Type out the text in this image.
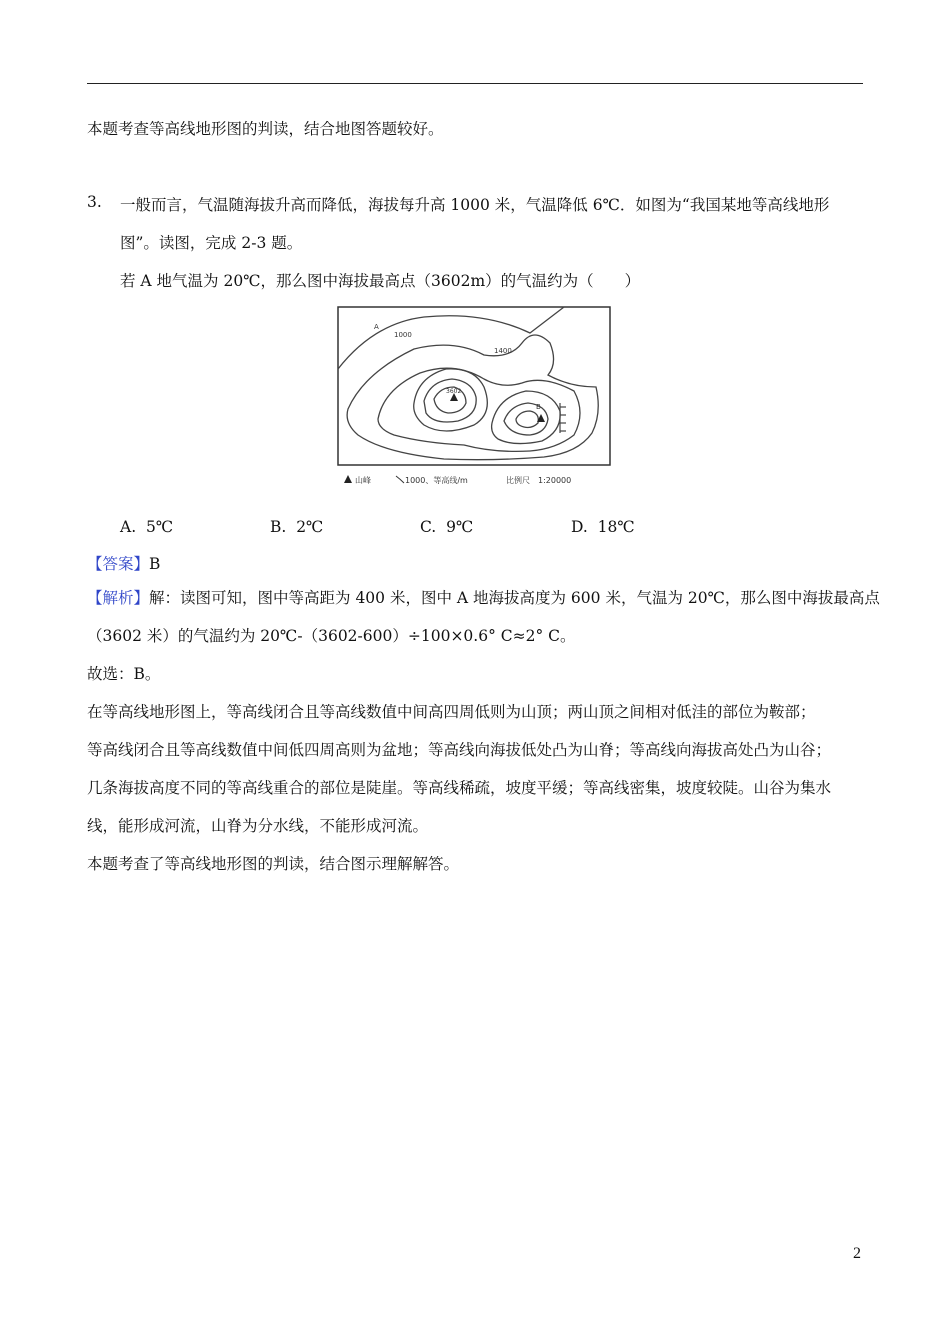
本题考查等高线地形图的判读，结合地图答题较好。
3. 一般而言，气温随海拔升高而降低，海拔每升高 1000 米，气温降低 6℃．如图为“我国某地等高线地形
图”。读图，完成 2-3 题。
若 A 地气温为 20℃，那么图中海拔最高点（3602m）的气温约为（　　）
A
1000
1400
3602
B
山峰	1000、等高线/m	比例尺　1:20000
A. 5℃	B. 2℃	C. 9℃	D. 18℃
【答案】B
【解析】解：读图可知，图中等高距为 400 米，图中 A 地海拔高度为 600 米，气温为 20℃，那么图中海拔最高点
（3602 米）的气温约为 20℃-（3602-600）÷100×0.6° C≈2° C。
故选：B。
在等高线地形图上，等高线闭合且等高线数值中间高四周低则为山顶；两山顶之间相对低洼的部位为鞍部；
等高线闭合且等高线数值中间低四周高则为盆地；等高线向海拔低处凸为山脊；等高线向海拔高处凸为山谷；
几条海拔高度不同的等高线重合的部位是陡崖。等高线稀疏，坡度平缓；等高线密集，坡度较陡。山谷为集水
线，能形成河流，山脊为分水线，不能形成河流。
本题考查了等高线地形图的判读，结合图示理解解答。
2
